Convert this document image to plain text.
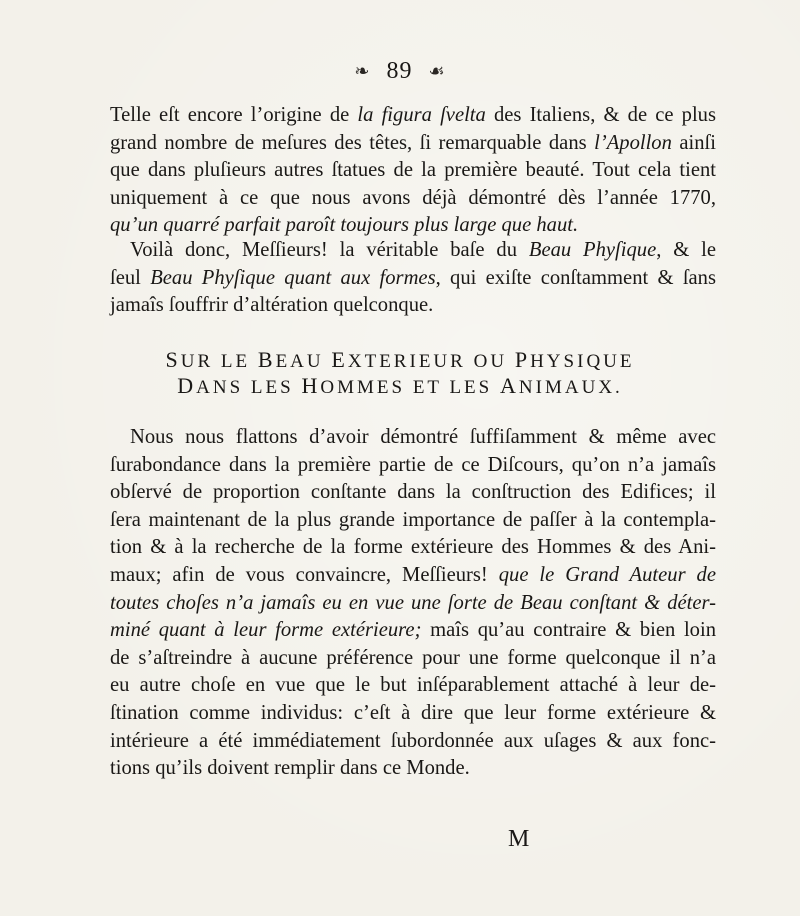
❧ 89 ☙
Telle eſt encore l’origine de la figura ſvelta des Italiens, & de ce plus
grand nombre de meſures des têtes, ſi remarquable dans l’Apollon ainſi
que dans pluſieurs autres ſtatues de la première beauté. Tout cela tient
uniquement à ce que nous avons déjà démontré dès l’année 1770,
qu’un quarré parfait paroît toujours plus large que haut.
Voilà donc, Meſſieurs! la véritable baſe du Beau Phyſique, & le
ſeul Beau Phyſique quant aux formes, qui exiſte conſtamment & ſans
jamaîs ſouffrir d’altération quelconque.
SUR LE BEAU EXTERIEUR OU PHYSIQUE
DANS LES HOMMES ET LES ANIMAUX.
Nous nous flattons d’avoir démontré ſuffiſamment & même avec
ſurabondance dans la première partie de ce Diſcours, qu’on n’a jamaîs
obſervé de proportion conſtante dans la conſtruction des Edifices; il
ſera maintenant de la plus grande importance de paſſer à la contempla-
tion & à la recherche de la forme extérieure des Hommes & des Ani-
maux; afin de vous convaincre, Meſſieurs! que le Grand Auteur de
toutes choſes n’a jamaîs eu en vue une ſorte de Beau conſtant & déter-
miné quant à leur forme extérieure; maîs qu’au contraire & bien loin
de s’aſtreindre à aucune préférence pour une forme quelconque il n’a
eu autre choſe en vue que le but inſéparablement attaché à leur de-
ſtination comme individus: c’eſt à dire que leur forme extérieure &
intérieure a été immédiatement ſubordonnée aux uſages & aux fonc-
tions qu’ils doivent remplir dans ce Monde.
M
